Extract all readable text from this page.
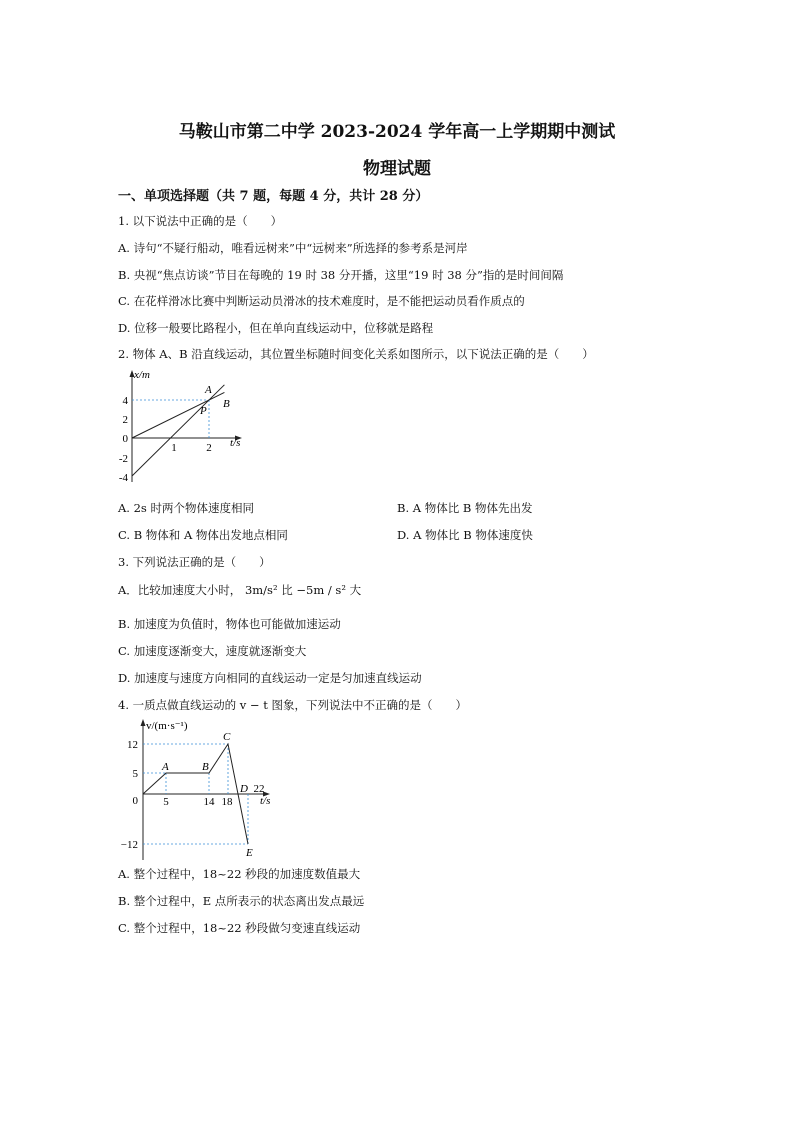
马鞍山市第二中学 2023-2024 学年高一上学期期中测试
物理试题
一、单项选择题（共 7 题，每题 4 分，共计 28 分）
1. 以下说法中正确的是（　　）
A. 诗句“不疑行船动，唯看远树来”中“远树来”所选择的参考系是河岸
B. 央视“焦点访谈”节目在每晚的 19 时 38 分开播，这里“19 时 38 分”指的是时间间隔
C. 在花样滑冰比赛中判断运动员滑冰的技术难度时，是不能把运动员看作质点的
D. 位移一般要比路程小，但在单向直线运动中，位移就是路程
2. 物体 A、B 沿直线运动，其位置坐标随时间变化关系如图所示，以下说法正确的是（　　）
x/m
t/s
4
2
0
-2
-4
1	2
A
B
P
A. 2s 时两个物体速度相同	B. A 物体比 B 物体先出发
C. B 物体和 A 物体出发地点相同	D. A 物体比 B 物体速度快
3. 下列说法正确的是（　　）
A．比较加速度大小时， 3m/s² 比 −5m / s² 大
B. 加速度为负值时，物体也可能做加速运动
C. 加速度逐渐变大，速度就逐渐变大
D. 加速度与速度方向相同的直线运动一定是匀加速直线运动
4. 一质点做直线运动的 v − t 图象，下列说法中不正确的是（　　）
v/(m·s⁻¹)
t/s
12
5
0
−12
5	14 18
22
A	B
C
D
E
A. 整个过程中，18~22 秒段的加速度数值最大
B. 整个过程中，E 点所表示的状态离出发点最远
C. 整个过程中，18~22 秒段做匀变速直线运动
